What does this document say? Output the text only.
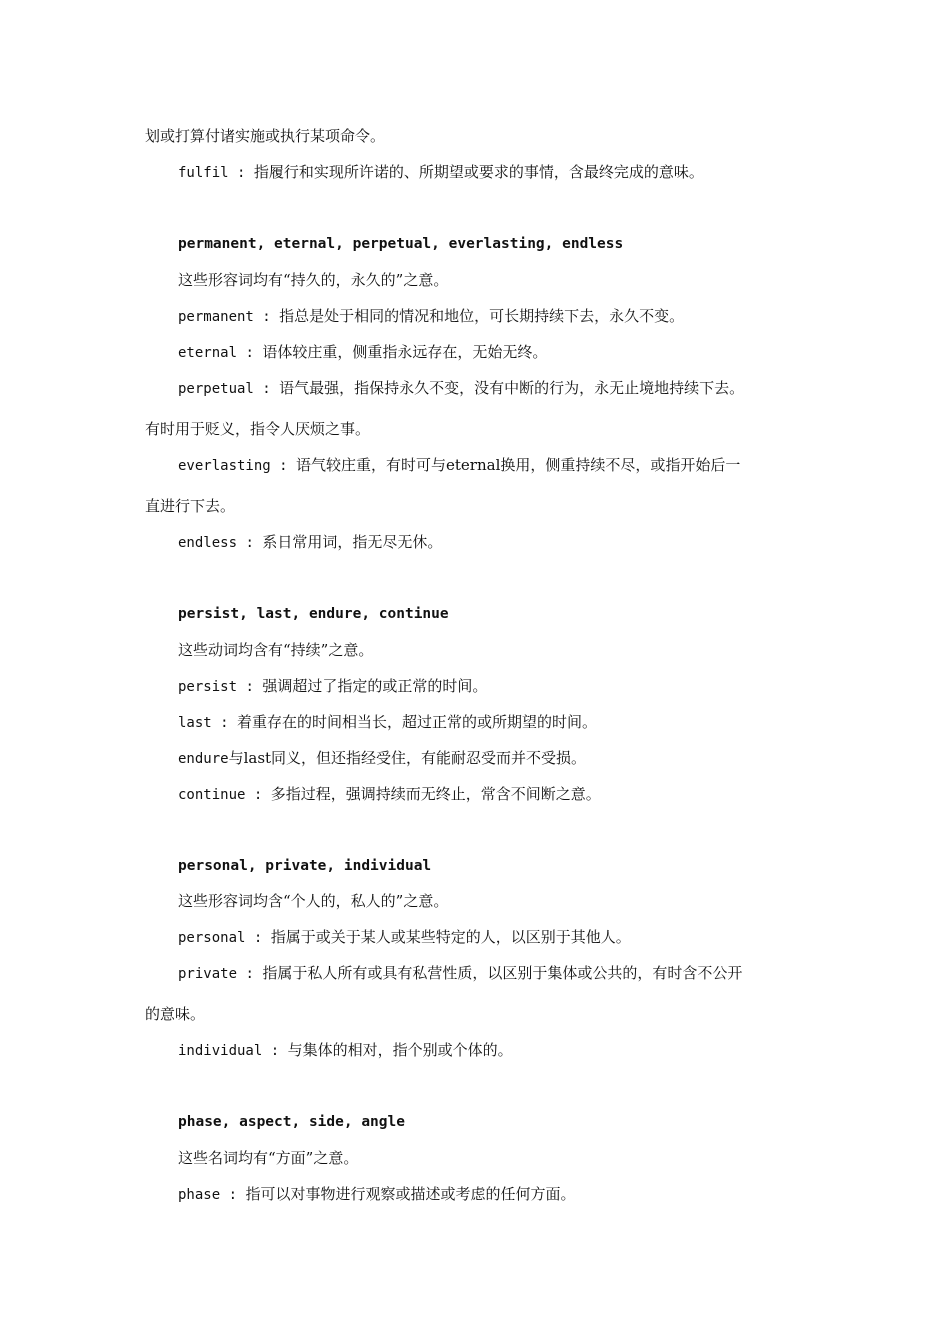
划或打算付诸实施或执行某项命令。
fulfil : 指履行和实现所许诺的、所期望或要求的事情，含最终完成的意味。
permanent, eternal, perpetual, everlasting, endless
这些形容词均有“持久的，永久的”之意。
permanent : 指总是处于相同的情况和地位，可长期持续下去，永久不变。
eternal : 语体较庄重，侧重指永远存在，无始无终。
perpetual : 语气最强，指保持永久不变，没有中断的行为，永无止境地持续下去。
有时用于贬义，指令人厌烦之事。
everlasting : 语气较庄重，有时可与eternal换用，侧重持续不尽，或指开始后一
直进行下去。
endless : 系日常用词，指无尽无休。
persist, last, endure, continue
这些动词均含有“持续”之意。
persist : 强调超过了指定的或正常的时间。
last : 着重存在的时间相当长，超过正常的或所期望的时间。
endure与last同义，但还指经受住，有能耐忍受而并不受损。
continue : 多指过程，强调持续而无终止，常含不间断之意。
personal, private, individual
这些形容词均含“个人的，私人的”之意。
personal : 指属于或关于某人或某些特定的人，以区别于其他人。
private : 指属于私人所有或具有私营性质，以区别于集体或公共的，有时含不公开
的意味。
individual : 与集体的相对，指个别或个体的。
phase, aspect, side, angle
这些名词均有“方面”之意。
phase : 指可以对事物进行观察或描述或考虑的任何方面。
